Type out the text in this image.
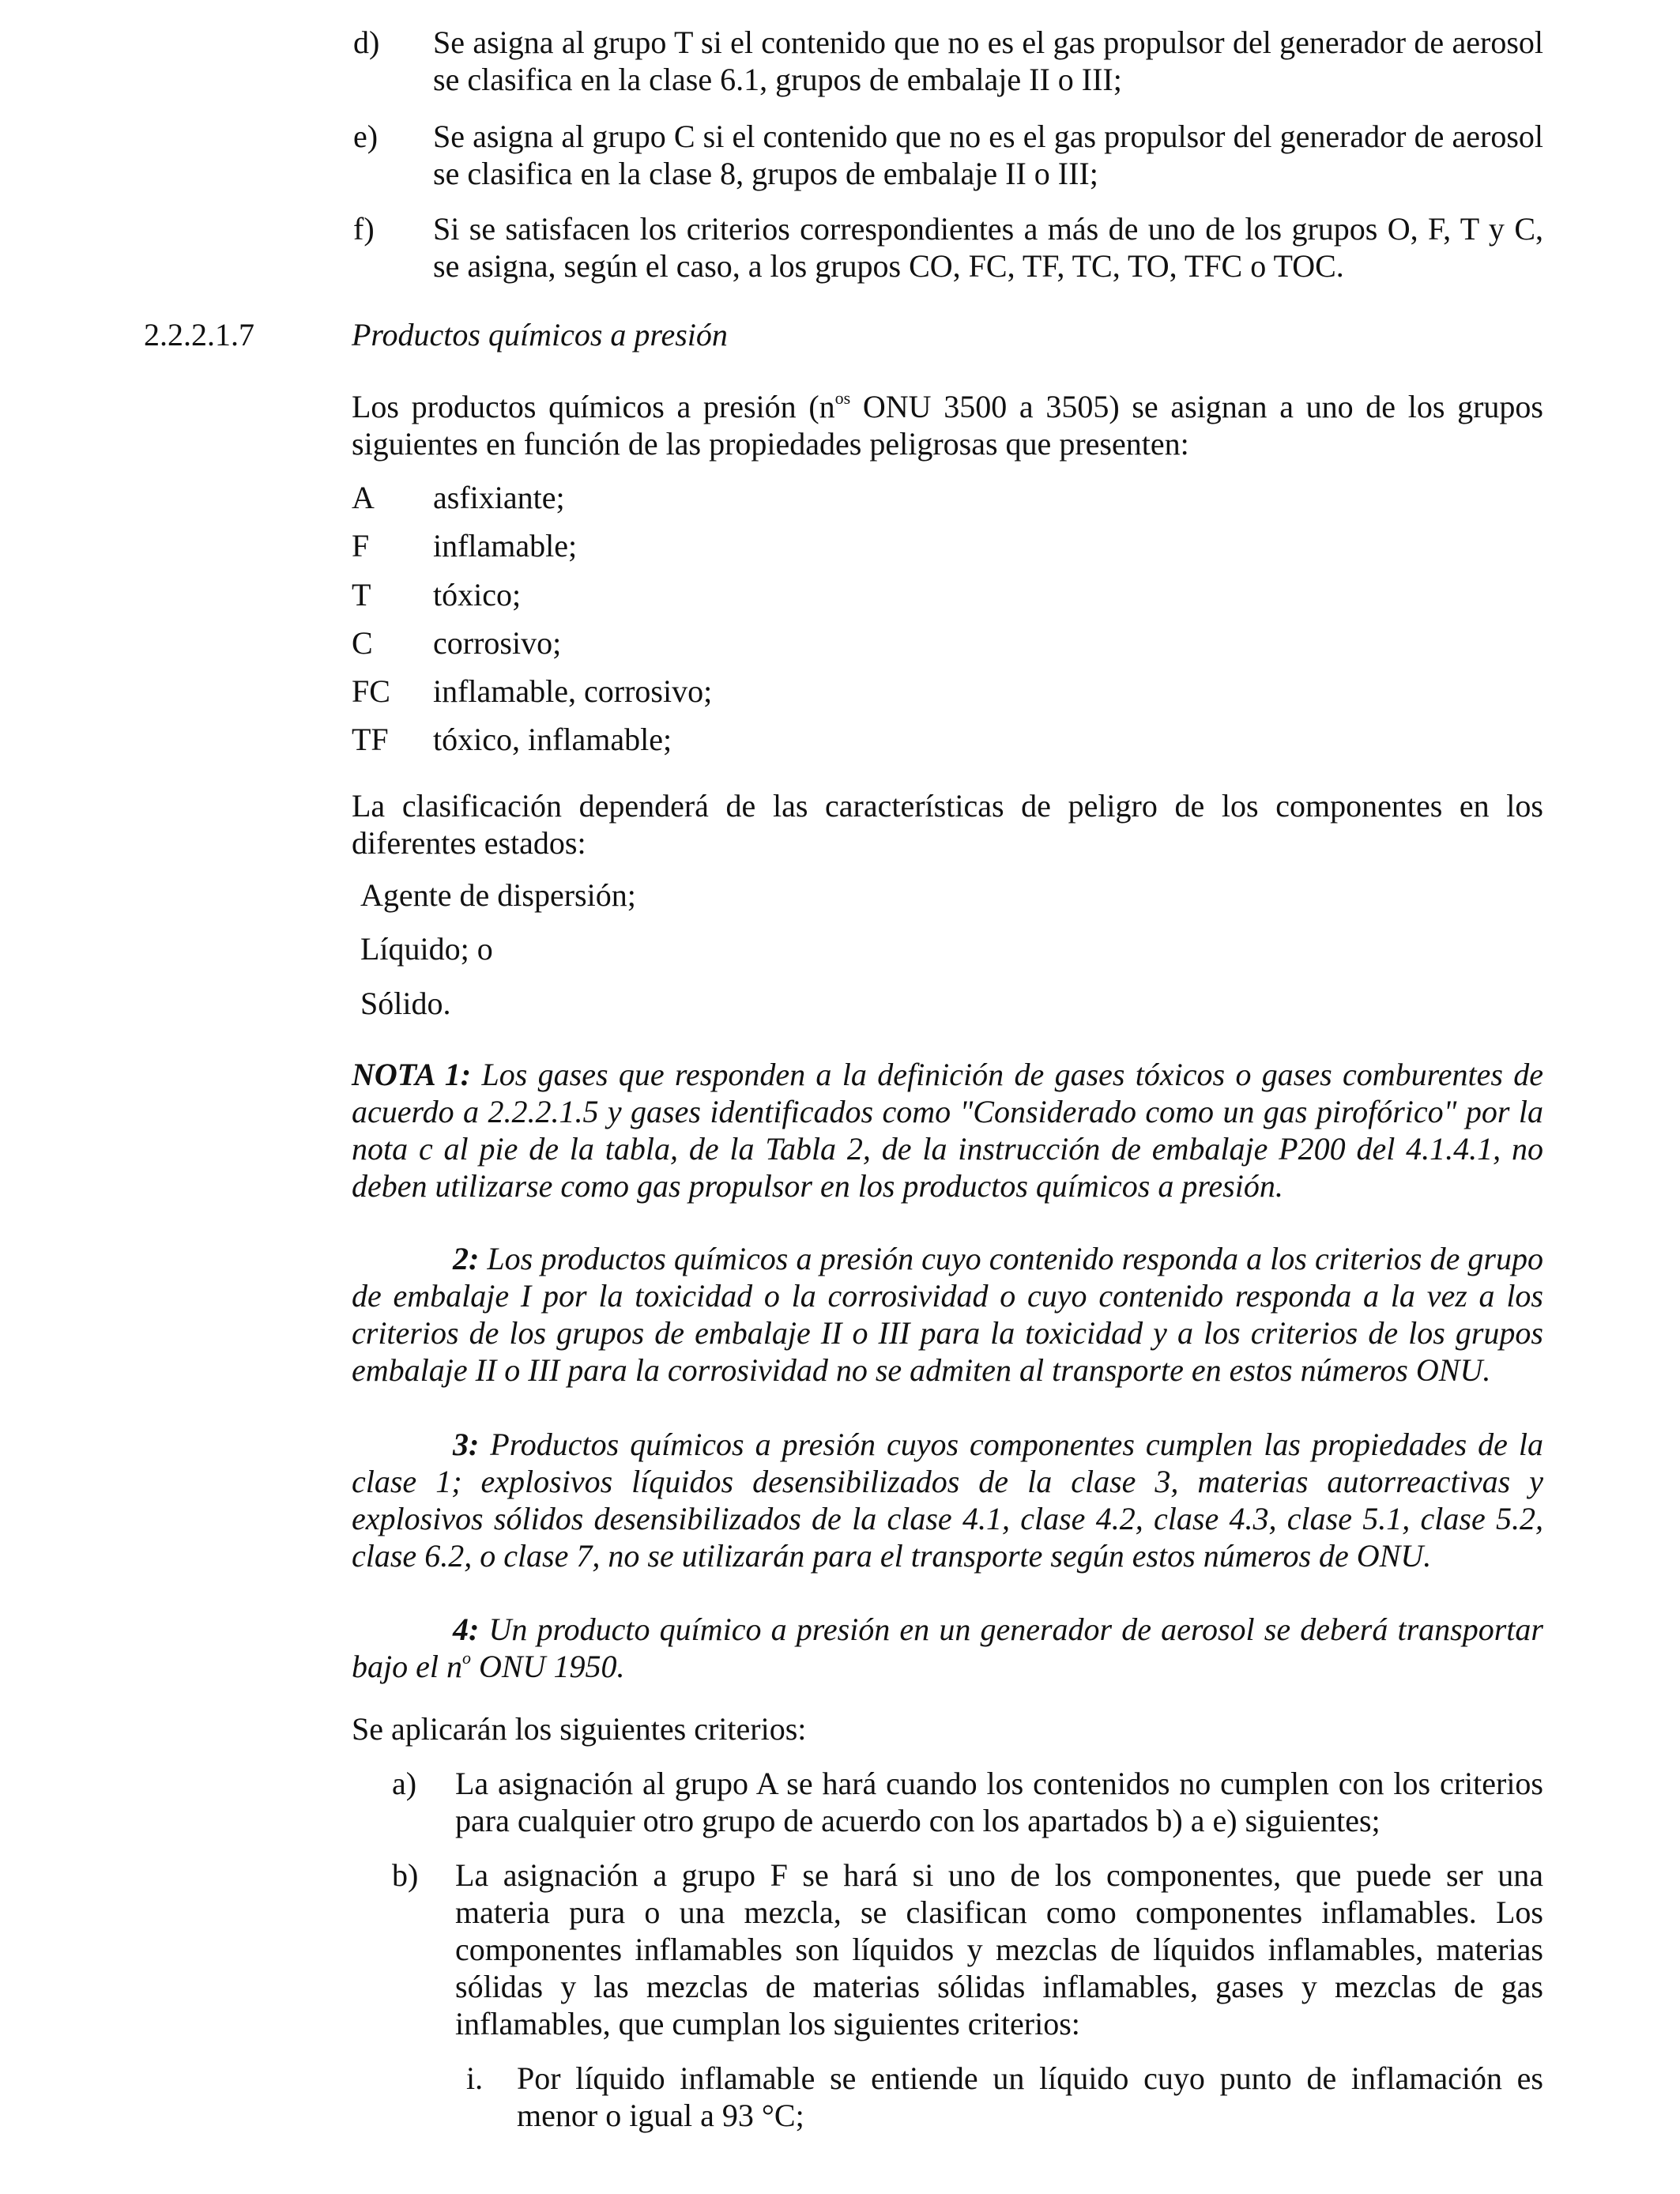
d) Se asigna al grupo T si el contenido que no es el gas propulsor del generador de aerosol se clasifica en la clase 6.1, grupos de embalaje II o III;
e) Se asigna al grupo C si el contenido que no es el gas propulsor del generador de aerosol se clasifica en la clase 8, grupos de embalaje II o III;
f) Si se satisfacen los criterios correspondientes a más de uno de los grupos O, F, T y C, se asigna, según el caso, a los grupos CO, FC, TF, TC, TO, TFC o TOC.
2.2.2.1.7	Productos químicos a presión
Los productos químicos a presión ($n^{os}$ ONU 3500 a 3505) se asignan a uno de los grupos siguientes en función de las propiedades peligrosas que presenten:
A asfixiante;
F inflamable;
T tóxico;
C corrosivo;
FC inflamable, corrosivo;
TF tóxico, inflamable;
La clasificación dependerá de las características de peligro de los componentes en los diferentes estados:
Agente de dispersión;
Líquido; o
Sólido.
NOTA 1: Los gases que responden a la definición de gases tóxicos o gases comburentes de acuerdo a 2.2.2.1.5 y gases identificados como "Considerado como un gas pirofórico" por la nota c al pie de la tabla, de la Tabla 2, de la instrucción de embalaje P200 del 4.1.4.1, no deben utilizarse como gas propulsor en los productos químicos a presión.
2: Los productos químicos a presión cuyo contenido responda a los criterios de grupo de embalaje I por la toxicidad o la corrosividad o cuyo contenido responda a la vez a los criterios de los grupos de embalaje II o III para la toxicidad y a los criterios de los grupos embalaje II o III para la corrosividad no se admiten al transporte en estos números ONU.
3: Productos químicos a presión cuyos componentes cumplen las propiedades de la clase 1; explosivos líquidos desensibilizados de la clase 3, materias autorreactivas y explosivos sólidos desensibilizados de la clase 4.1, clase 4.2, clase 4.3, clase 5.1, clase 5.2, clase 6.2, o clase 7, no se utilizarán para el transporte según estos números de ONU.
4: Un producto químico a presión en un generador de aerosol se deberá transportar bajo el $n^o$ ONU 1950.
Se aplicarán los siguientes criterios:
a) La asignación al grupo A se hará cuando los contenidos no cumplen con los criterios para cualquier otro grupo de acuerdo con los apartados b) a e) siguientes;
b) La asignación a grupo F se hará si uno de los componentes, que puede ser una materia pura o una mezcla, se clasifican como componentes inflamables. Los componentes inflamables son líquidos y mezclas de líquidos inflamables, materias sólidas y las mezclas de materias sólidas inflamables, gases y mezclas de gas inflamables, que cumplan los siguientes criterios:
i. Por líquido inflamable se entiende un líquido cuyo punto de inflamación es menor o igual a 93 °C;
